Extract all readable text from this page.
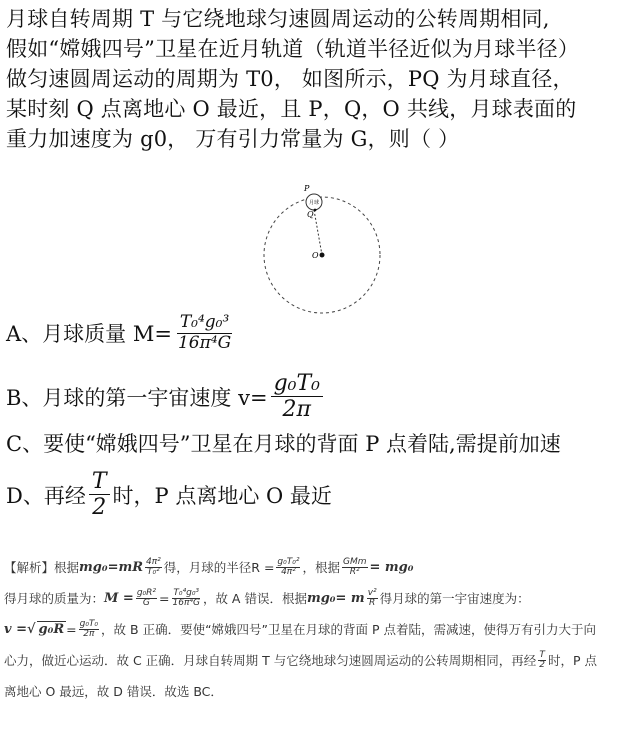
月球自转周期 T 与它绕地球匀速圆周运动的公转周期相同,
假如“嫦娥四号”卫星在近月轨道（轨道半径近似为月球半径）
做匀速圆周运动的周期为 T0， 如图所示，PQ 为月球直径，
某时刻 Q 点离地心 O 最近，且 P，Q，O 共线，月球表面的
重力加速度为 g0， 万有引力常量为 G，则（ ）
月球
P
Q
O
A、月球质量 $M= \frac{\text{T₀⁴g₀³}}{\text{16π⁴G}}$
B、月球的第一宇宙速度 $v= \frac{\text{g₀T₀}}{2\pi}$
C、要使“嫦娥四号”卫星在月球的背面 P 点着陆,需提前加速
D、再经 $\frac{T}{2}$ 时，P 点离地心 O 最近
【解析】根据 $mg_0 =mR \frac{\text{4π²}}{\text{T₀²}}$ 得，月球的半径$R = \frac{\text{g₀T₀²}}{\text{4π²}}$ ，根据 GMm
R² = mg₀
得月球的质量为： $M = \frac{\text{g₀R²}}{G} = \frac{\text{T₀⁴g₀³}}{\text{16π⁴G}}$ ，故 A 错误．根据 mg₀ = m $\frac{\text{v²}}{R}$ 得月球的第一宇宙速度为：
v = √ $g_0R = \frac{\text{g₀T₀}}{2\pi}$ ，故 B 正确．要使“嫦娥四号”卫星在月球的背面 P 点着陆，需减速，使得万有引力大于向
心力，做近心运动．故 C 正确．月球自转周期 T 与它绕地球匀速圆周运动的公转周期相同，再经 $\frac{T}{2}$ 时，P 点
离地心 O 最远，故 D 错误．故选 BC．
